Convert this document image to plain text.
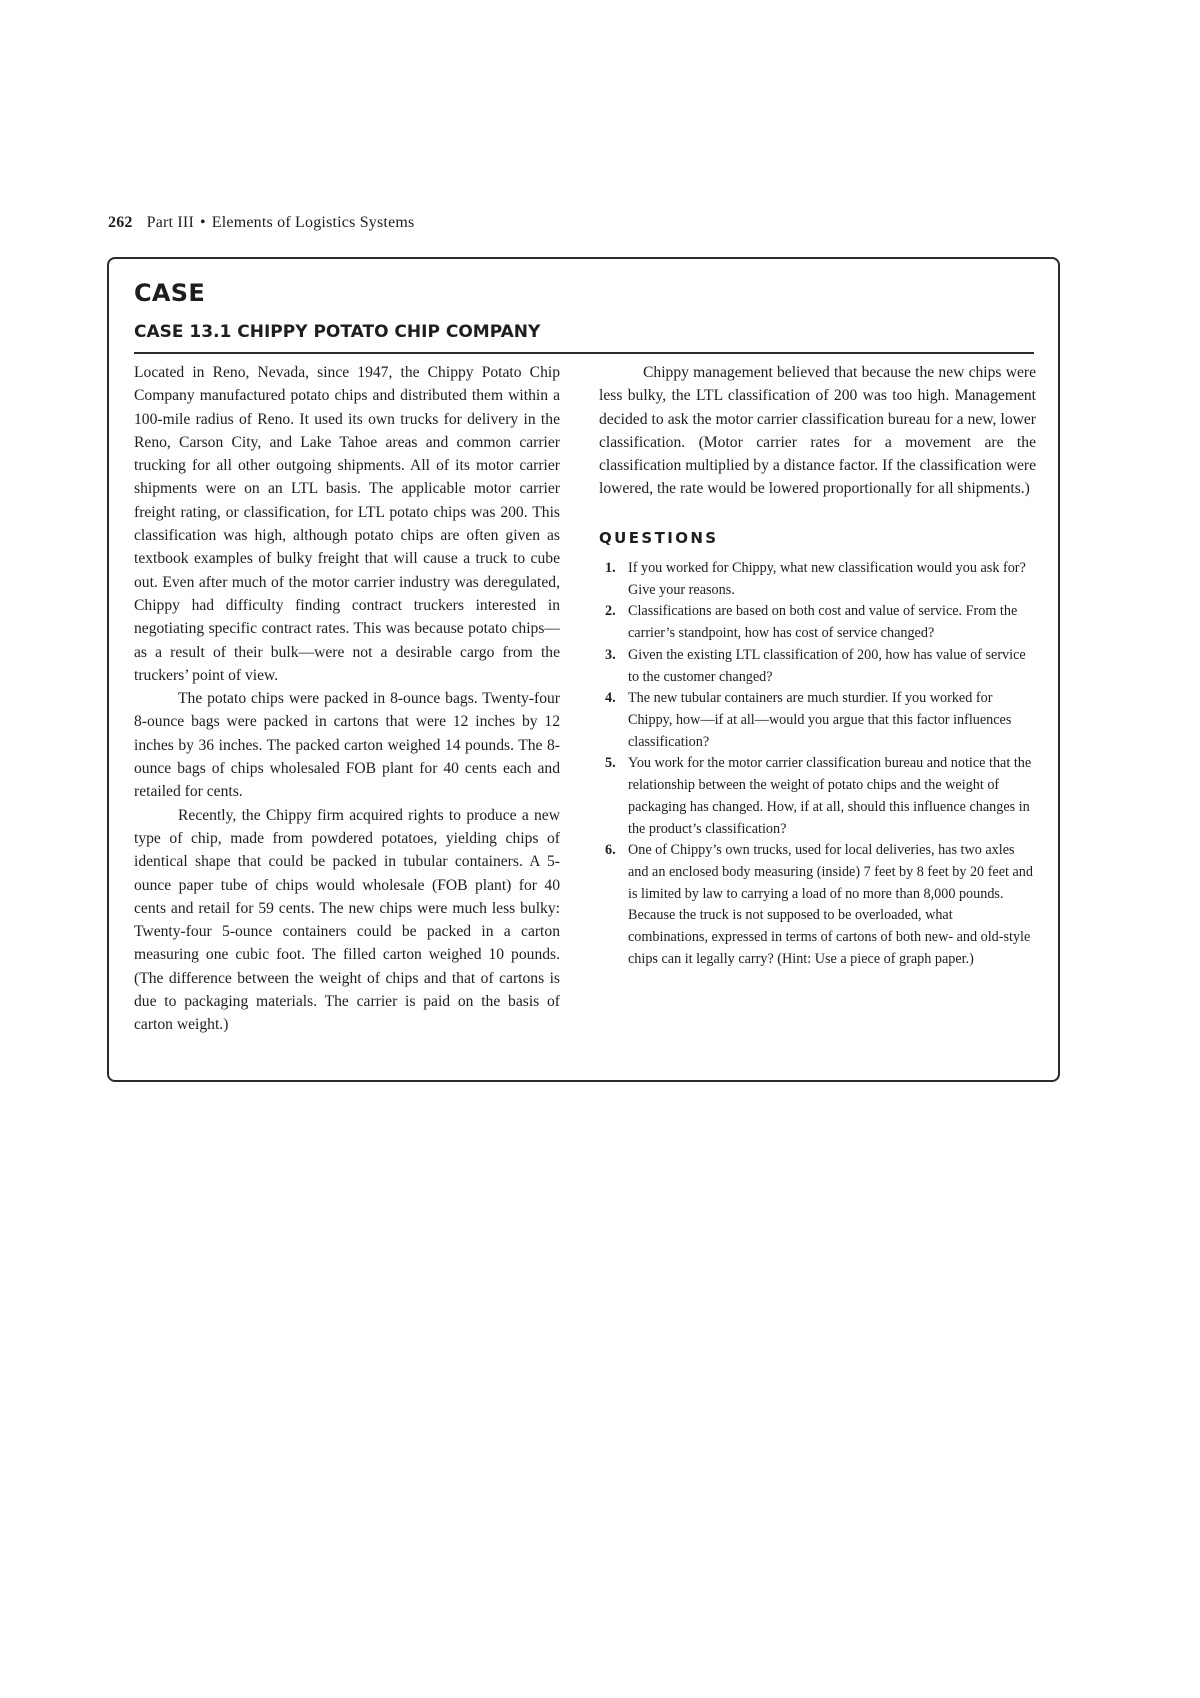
262 Part III • Elements of Logistics Systems
CASE
CASE 13.1 CHIPPY POTATO CHIP COMPANY

Located in Reno, Nevada, since 1947, the Chippy Potato Chip Company manufactured potato chips and distributed them within a 100-mile radius of Reno. It used its own trucks for delivery in the Reno, Carson City, and Lake Tahoe areas and common carrier trucking for all other outgoing shipments. All of its motor carrier shipments were on an LTL basis. The applicable motor carrier freight rating, or classification, for LTL potato chips was 200. This classification was high, although potato chips are often given as textbook examples of bulky freight that will cause a truck to cube out. Even after much of the motor carrier industry was deregulated, Chippy had difficulty finding contract truckers interested in negotiating specific contract rates. This was because potato chips—as a result of their bulk—were not a desirable cargo from the truckers’ point of view.

The potato chips were packed in 8-ounce bags. Twenty-four 8-ounce bags were packed in cartons that were 12 inches by 12 inches by 36 inches. The packed carton weighed 14 pounds. The 8-ounce bags of chips wholesaled FOB plant for 40 cents each and retailed for cents.

Recently, the Chippy firm acquired rights to produce a new type of chip, made from powdered potatoes, yielding chips of identical shape that could be packed in tubular containers. A 5-ounce paper tube of chips would wholesale (FOB plant) for 40 cents and retail for 59 cents. The new chips were much less bulky: Twenty-four 5-ounce containers could be packed in a carton measuring one cubic foot. The filled carton weighed 10 pounds. (The difference between the weight of chips and that of cartons is due to packaging materials. The carrier is paid on the basis of carton weight.)

Chippy management believed that because the new chips were less bulky, the LTL classification of 200 was too high. Management decided to ask the motor carrier classification bureau for a new, lower classification. (Motor carrier rates for a movement are the classification multiplied by a distance factor. If the classification were lowered, the rate would be lowered proportionally for all shipments.)

QUESTIONS
1. If you worked for Chippy, what new classification would you ask for? Give your reasons.
2. Classifications are based on both cost and value of service. From the carrier’s standpoint, how has cost of service changed?
3. Given the existing LTL classification of 200, how has value of service to the customer changed?
4. The new tubular containers are much sturdier. If you worked for Chippy, how—if at all—would you argue that this factor influences classification?
5. You work for the motor carrier classification bureau and notice that the relationship between the weight of potato chips and the weight of packaging has changed. How, if at all, should this influence changes in the product’s classification?
6. One of Chippy’s own trucks, used for local deliveries, has two axles and an enclosed body measuring (inside) 7 feet by 8 feet by 20 feet and is limited by law to carrying a load of no more than 8,000 pounds. Because the truck is not supposed to be overloaded, what combinations, expressed in terms of cartons of both new- and old-style chips can it legally carry? (Hint: Use a piece of graph paper.)
